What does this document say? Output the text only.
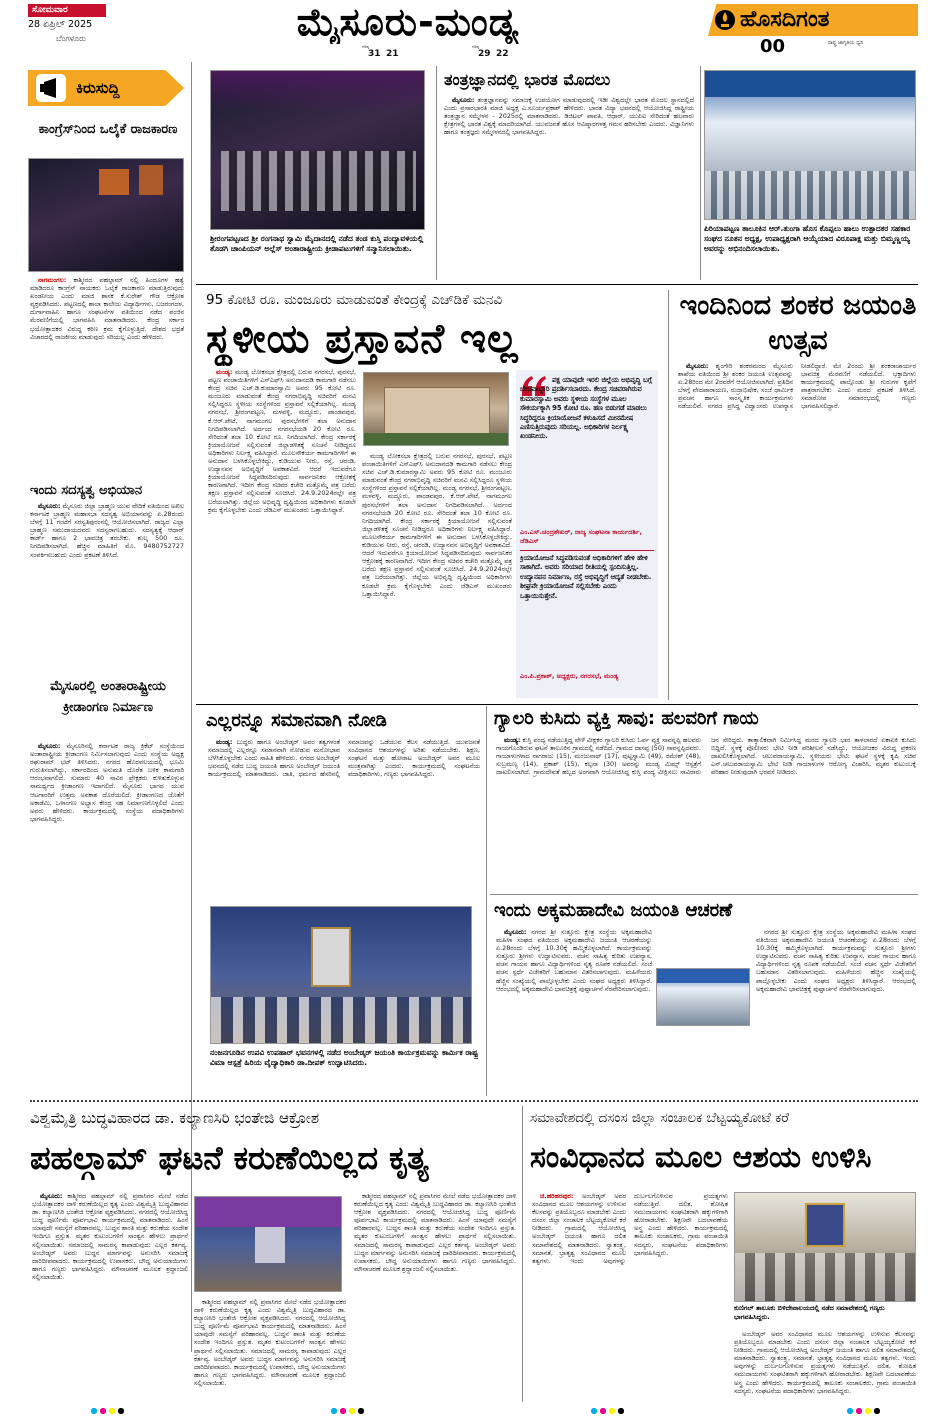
ಸೋಮವಾರ
28 ಏಪ್ರಿಲ್ 2025
ಬೆಂಗಳೂರು	ಮೈಸೂರು-ಮಂಡ್ಯ
ಗರಿಷ್ಠ
31 21
ಗರಿಷ್ಠ
29 22
ಹೊಸದಿಗಂತ
00	ರಾಷ್ಟ್ರ ಜಾಗೃತಿಯ ಧ್ವನಿ
ಕಿರುಸುದ್ದಿ
ಕಾಂಗ್ರೆಸ್‌ನಿಂದ ಒಲೈಕೆ ರಾಜಕಾರಣ

ನಾಗಮಂಗಲ: ಕಾಶ್ಮೀರದ ಪಹಲ್ಗಾಮ್ ನಲ್ಲಿ ಹಿಂದೂಗಳ ಹತ್ಯೆ ಮಾಡಿದರೂ ಕಾಂಗ್ರೆಸ್ ನಾಯಕರು ಒಲೈಕೆ ರಾಜಕಾರಣ ಮಾಡುತ್ತಿರುವುದು ಖಂಡನೀಯ ಎಂದು ಮಾಜಿ ಶಾಸಕ ಕೆ.ಸುರೇಶ್ ಗೌಡ ಆಕ್ರೋಶ ವ್ಯಕ್ತಪಡಿಸಿದರು. ಪಟ್ಟಣದಲ್ಲಿ ಶಾಲಾ ಕಾಲೇಜು ವಿದ್ಯಾರ್ಥಿಗಳು, ಬಜರಂಗದಳ, ದುರ್ಗಾವಾಹಿನಿ ಹಾಗೂ ಸಂಘಟನೆಗಳ ವತಿಯಿಂದ ನಡೆದ ಪಂಜಿನ ಮೆರವಣಿಗೆಯಲ್ಲಿ ಭಾಗವಹಿಸಿ ಮಾತನಾಡಿದರು. ಕೇಂದ್ರ ಸರ್ಕಾರ ಭಯೋತ್ಪಾದಕರ ವಿರುದ್ಧ ಕಠಿಣ ಕ್ರಮ ಕೈಗೊಳ್ಳುತ್ತಿದೆ. ದೇಶದ ಭದ್ರತೆ ವಿಚಾರದಲ್ಲಿ ರಾಜಕೀಯ ಮಾಡುವುದು ಸರಿಯಲ್ಲ ಎಂದು ಹೇಳಿದರು.

ಇಂದು ಸದಸ್ಯತ್ವ ಅಭಿಯಾನ

ಮೈಸೂರು: ಮೈಸೂರು ಜಿಲ್ಲಾ ಬ್ರಾಹ್ಮಣ ಯುವ ವೇದಿಕೆ ವತಿಯಿಂದ ಅಖಿಲ ಕರ್ನಾಟಕ ಬ್ರಾಹ್ಮಣ ಮಹಾಸಭಾ ಸದಸ್ಯತ್ವ ಅಭಿಯಾನವನ್ನು ಏ.28ರಂದು ಬೆಳಗ್ಗೆ 11 ಗಂಟೆಗೆ ಸರಸ್ವತಿಪುರಂನಲ್ಲಿ ಆಯೋಜಿಸಲಾಗಿದೆ. ರಾಜ್ಯದ ಎಲ್ಲಾ ಬ್ರಾಹ್ಮಣ ಸಮುದಾಯದವರು ಸದಸ್ಯರಾಗಬಹುದು. ಸದಸ್ಯತ್ವಕ್ಕೆ ಆಧಾರ್ ಕಾರ್ಡ್ ಹಾಗೂ 2 ಭಾವಚಿತ್ರ ತರಬೇಕು. ಶುಲ್ಕ 500 ರೂ. ನಿಗದಿಪಡಿಸಲಾಗಿದೆ. ಹೆಚ್ಚಿನ ಮಾಹಿತಿಗೆ ಮೊ. 9480752727 ಸಂಪರ್ಕಿಸಬಹುದು ಎಂದು ಪ್ರಕಟಣೆ ತಿಳಿಸಿದೆ.

ಮೈಸೂರಲ್ಲಿ ಅಂತಾರಾಷ್ಟ್ರೀಯ ಕ್ರೀಡಾಂಗಣ ನಿರ್ಮಾಣ

ಮೈಸೂರು: ಮೈಸೂರಿನಲ್ಲಿ ಕರ್ನಾಟಕ ರಾಜ್ಯ ಕ್ರಿಕೆಟ್ ಸಂಸ್ಥೆಯಿಂದ ಅಂತಾರಾಷ್ಟ್ರೀಯ ಕ್ರೀಡಾಂಗಣ ನಿರ್ಮಿಸಲಾಗುವುದು ಎಂದು ಸಂಸ್ಥೆಯ ಅಧ್ಯಕ್ಷ ರಘುರಾಮ್ ಭಟ್ ತಿಳಿಸಿದರು. ನಗರದ ಹೊರವಲಯದಲ್ಲಿ ಭೂಮಿ ಗುರುತಿಸಲಾಗಿದ್ದು, ಸರ್ಕಾರದಿಂದ ಅನುಮತಿ ದೊರೆತ ಬಳಿಕ ಕಾಮಗಾರಿ ಆರಂಭವಾಗಲಿದೆ. ಸುಮಾರು 40 ಸಾವಿರ ಪ್ರೇಕ್ಷಕರು ಕುಳಿತುಕೊಳ್ಳುವ ಸಾಮರ್ಥ್ಯದ ಕ್ರೀಡಾಂಗಣ ಇದಾಗಲಿದೆ. ಮೈಸೂರು ಭಾಗದ ಯುವ ಆಟಗಾರರಿಗೆ ಉತ್ತಮ ಅವಕಾಶ ದೊರೆಯಲಿದೆ. ಕ್ರೀಡಾಂಗಣದ ಜೊತೆಗೆ ಅಕಾಡೆಮಿ, ಒಳಾಂಗಣ ಅಭ್ಯಾಸ ಕೇಂದ್ರ ಸಹ ನಿರ್ಮಾಣಗೊಳ್ಳಲಿದೆ ಎಂದು ಅವರು ಹೇಳಿದರು. ಕಾರ್ಯಕ್ರಮದಲ್ಲಿ ಸಂಸ್ಥೆಯ ಪದಾಧಿಕಾರಿಗಳು ಭಾಗವಹಿಸಿದ್ದರು.

ಶ್ರೀರಂಗಪಟ್ಟಣದ ಶ್ರೀ ರಂಗನಾಥ ಸ್ವಾಮಿ ಮೈದಾನದಲ್ಲಿ ನಡೆದ ತಂಡ ಕುಸ್ತಿ ಪಂದ್ಯಾವಳಿಯಲ್ಲಿ ತೊಡಗಿ ಚಾಂಪಿಯನ್ ಅಲ್ಲೆಸ್ ಅಂತಾರಾಷ್ಟ್ರೀಯ ಕ್ರೀಡಾಪಟುಗಳಿಗೆ ಸನ್ಮಾನಿಸಲಾಯಿತು.
ತಂತ್ರಜ್ಞಾನದಲ್ಲಿ ಭಾರತ ಮೊದಲು

ಮೈಸೂರು: ತಂತ್ರಜ್ಞಾನವನ್ನು ಸಮಾಜಕ್ಕೆ ಉಪಯೋಗ ಮಾಡುವುದರಲ್ಲಿ ಇಡೀ ವಿಶ್ವದಲ್ಲೇ ಭಾರತ ಮೊದಲ ಸ್ಥಾನದಲ್ಲಿದೆ ಎಂದು ಪ್ರಸಾರಭಾರತಿ ಮಾಜಿ ಅಧ್ಯಕ್ಷ ಎ.ಸೂರ್ಯಪ್ರಕಾಶ್ ಹೇಳಿದರು. ಭಾರತ ವಿದ್ಯಾ ಭವನದಲ್ಲಿ ಆಯೋಜಿಸಿದ್ದ ರಾಷ್ಟ್ರೀಯ ತಂತ್ರಜ್ಞಾನ ಸಮ್ಮೇಳನ - 2025ರಲ್ಲಿ ಮಾತನಾಡಿದರು. ಡಿಜಿಟಲ್ ಪಾವತಿ, ಆಧಾರ್, ಯುಪಿಐ ಸೇರಿದಂತೆ ಹಲವಾರು ಕ್ಷೇತ್ರಗಳಲ್ಲಿ ಭಾರತ ವಿಶ್ವಕ್ಕೆ ಮಾದರಿಯಾಗಿದೆ. ಯುವಜನತೆ ಹೊಸ ಆವಿಷ್ಕಾರಗಳತ್ತ ಗಮನ ಹರಿಸಬೇಕು ಎಂದರು. ವಿಜ್ಞಾನಿಗಳು ಹಾಗೂ ತಂತ್ರಜ್ಞರು ಸಮ್ಮೇಳನದಲ್ಲಿ ಭಾಗವಹಿಸಿದ್ದರು.

ಪಿರಿಯಾಪಟ್ಟಣ ತಾಲೂಕಿನ ಆರ್.ತುಂಗಾ ಹೊಸ ಕೊಪ್ಪಲು ಹಾಲು ಉತ್ಪಾದಕರ ಸಹಕಾರ ಸಂಘದ ನೂತನ ಅಧ್ಯಕ್ಷ, ಉಪಾಧ್ಯಕ್ಷರಾಗಿ ಆಯ್ಕೆಯಾದ ವಿರೂಪಾಕ್ಷ ಮತ್ತು ಬಿಮ್ಮಣ್ಣಯ್ಯ ಅವರನ್ನು ಅಭಿನಂದಿಸಲಾಯಿತು.
95 ಕೋಟಿ ರೂ. ಮಂಜೂರು ಮಾಡುವಂತೆ ಕೇಂದ್ರಕ್ಕೆ ಎಚ್‌ಡಿಕೆ ಮನವಿ
ಸ್ಥಳೀಯ ಪ್ರಸ್ತಾವನೆ ಇಲ್ಲ

ಮಂಡ್ಯ: ಮಂಡ್ಯ ಲೋಕಸಭಾ ಕ್ಷೇತ್ರದಲ್ಲಿ ಬರುವ ನಗರಸಭೆ, ಪುರಸಭೆ, ಪಟ್ಟಣ ಪಂಚಾಯಿತಿಗಳಿಗೆ ಎಸ್‌ಎಫ್‌ಸಿ ಅನುದಾನದಡಿ ಕಾಮಗಾರಿ ನಡೆಸಲು ಕೇಂದ್ರ ಸಚಿವ ಎಚ್.ಡಿ.ಕುಮಾರಸ್ವಾಮಿ ಅವರು 95 ಕೋಟಿ ರೂ. ಮಂಜೂರು ಮಾಡುವಂತೆ ಕೇಂದ್ರ ನಗರಾಭಿವೃದ್ಧಿ ಸಚಿವರಿಗೆ ಮನವಿ ಸಲ್ಲಿಸಿದ್ದರೂ ಸ್ಥಳೀಯ ಸಂಸ್ಥೆಗಳಿಂದ ಪ್ರಸ್ತಾವನೆ ಸಲ್ಲಿಕೆಯಾಗಿಲ್ಲ. ಮಂಡ್ಯ ನಗರಸಭೆ, ಶ್ರೀರಂಗಪಟ್ಟಣ, ಮಳವಳ್ಳಿ, ಮದ್ದೂರು, ಪಾಂಡವಪುರ, ಕೆ.ಆರ್.ಪೇಟೆ, ನಾಗಮಂಗಲ ಪುರಸಭೆಗಳಿಗೆ ತಲಾ ಅನುದಾನ ನಿಗದಿಪಡಿಸಲಾಗಿದೆ. ಅರ್ದಂದ ನಗರಸಭೆಯಡಿ 20 ಕೋಟಿ ರೂ. ಸೇರಿದಂತೆ ತಲಾ 10 ಕೋಟಿ ರೂ. ನಿಗದಿಯಾಗಿದೆ. ಕೇಂದ್ರ ಸರ್ಕಾರಕ್ಕೆ ಕ್ರಿಯಾಯೋಜನೆ ಸಲ್ಲಿಸುವಂತೆ ಜಿಲ್ಲಾಡಳಿತಕ್ಕೆ ಸೂಚನೆ ನೀಡಿದ್ದರೂ ಅಧಿಕಾರಿಗಳು ನಿರ್ಲಕ್ಷ್ಯ ವಹಿಸಿದ್ದಾರೆ. ಮೂಲಸೌಕರ್ಯ ಕಾಮಗಾರಿಗಳಿಗೆ ಈ ಅನುದಾನ ಬಳಸಿಕೊಳ್ಳಬೇಕಿದ್ದು, ಕುಡಿಯುವ ನೀರು, ರಸ್ತೆ, ಚರಂಡಿ, ಉದ್ಯಾನವನ ಅಭಿವೃದ್ಧಿಗೆ ಅವಕಾಶವಿದೆ. ಆದರೆ ಇದುವರೆಗೂ ಕ್ರಿಯಾಯೋಜನೆ ಸಿದ್ಧಪಡಿಸದಿರುವುದು ಸಾರ್ವಜನಿಕರ ಆಕ್ರೋಶಕ್ಕೆ ಕಾರಣವಾಗಿದೆ. ಇದೀಗ ಕೇಂದ್ರ ಸಚಿವರ ಕಚೇರಿ ಮತ್ತೊಮ್ಮೆ ಪತ್ರ ಬರೆದು ತಕ್ಷಣ ಪ್ರಸ್ತಾವನೆ ಸಲ್ಲಿಸುವಂತೆ ಸೂಚಿಸಿದೆ. 24.9.2024ರಲ್ಲೇ ಪತ್ರ ಬರೆಯಲಾಗಿತ್ತು. ಜಿಲ್ಲೆಯ ಅಭಿವೃದ್ಧಿ ದೃಷ್ಟಿಯಿಂದ ಅಧಿಕಾರಿಗಳು ಕೂಡಲೇ ಕ್ರಮ ಕೈಗೊಳ್ಳಬೇಕು ಎಂದು ಜೆಡಿಎಸ್ ಮುಖಂಡರು ಒತ್ತಾಯಿಸಿದ್ದಾರೆ.

ಮಂಡ್ಯ ಲೋಕಸಭಾ ಕ್ಷೇತ್ರದಲ್ಲಿ ಬರುವ ನಗರಸಭೆ, ಪುರಸಭೆ, ಪಟ್ಟಣ ಪಂಚಾಯಿತಿಗಳಿಗೆ ಎಸ್‌ಎಫ್‌ಸಿ ಅನುದಾನದಡಿ ಕಾಮಗಾರಿ ನಡೆಸಲು ಕೇಂದ್ರ ಸಚಿವ ಎಚ್.ಡಿ.ಕುಮಾರಸ್ವಾಮಿ ಅವರು 95 ಕೋಟಿ ರೂ. ಮಂಜೂರು ಮಾಡುವಂತೆ ಕೇಂದ್ರ ನಗರಾಭಿವೃದ್ಧಿ ಸಚಿವರಿಗೆ ಮನವಿ ಸಲ್ಲಿಸಿದ್ದರೂ ಸ್ಥಳೀಯ ಸಂಸ್ಥೆಗಳಿಂದ ಪ್ರಸ್ತಾವನೆ ಸಲ್ಲಿಕೆಯಾಗಿಲ್ಲ. ಮಂಡ್ಯ ನಗರಸಭೆ, ಶ್ರೀರಂಗಪಟ್ಟಣ, ಮಳವಳ್ಳಿ, ಮದ್ದೂರು, ಪಾಂಡವಪುರ, ಕೆ.ಆರ್.ಪೇಟೆ, ನಾಗಮಂಗಲ ಪುರಸಭೆಗಳಿಗೆ ತಲಾ ಅನುದಾನ ನಿಗದಿಪಡಿಸಲಾಗಿದೆ. ಅರ್ದಂದ ನಗರಸಭೆಯಡಿ 20 ಕೋಟಿ ರೂ. ಸೇರಿದಂತೆ ತಲಾ 10 ಕೋಟಿ ರೂ. ನಿಗದಿಯಾಗಿದೆ. ಕೇಂದ್ರ ಸರ್ಕಾರಕ್ಕೆ ಕ್ರಿಯಾಯೋಜನೆ ಸಲ್ಲಿಸುವಂತೆ ಜಿಲ್ಲಾಡಳಿತಕ್ಕೆ ಸೂಚನೆ ನೀಡಿದ್ದರೂ ಅಧಿಕಾರಿಗಳು ನಿರ್ಲಕ್ಷ್ಯ ವಹಿಸಿದ್ದಾರೆ. ಮೂಲಸೌಕರ್ಯ ಕಾಮಗಾರಿಗಳಿಗೆ ಈ ಅನುದಾನ ಬಳಸಿಕೊಳ್ಳಬೇಕಿದ್ದು, ಕುಡಿಯುವ ನೀರು, ರಸ್ತೆ, ಚರಂಡಿ, ಉದ್ಯಾನವನ ಅಭಿವೃದ್ಧಿಗೆ ಅವಕಾಶವಿದೆ. ಆದರೆ ಇದುವರೆಗೂ ಕ್ರಿಯಾಯೋಜನೆ ಸಿದ್ಧಪಡಿಸದಿರುವುದು ಸಾರ್ವಜನಿಕರ ಆಕ್ರೋಶಕ್ಕೆ ಕಾರಣವಾಗಿದೆ. ಇದೀಗ ಕೇಂದ್ರ ಸಚಿವರ ಕಚೇರಿ ಮತ್ತೊಮ್ಮೆ ಪತ್ರ ಬರೆದು ತಕ್ಷಣ ಪ್ರಸ್ತಾವನೆ ಸಲ್ಲಿಸುವಂತೆ ಸೂಚಿಸಿದೆ. 24.9.2024ರಲ್ಲೇ ಪತ್ರ ಬರೆಯಲಾಗಿತ್ತು. ಜಿಲ್ಲೆಯ ಅಭಿವೃದ್ಧಿ ದೃಷ್ಟಿಯಿಂದ ಅಧಿಕಾರಿಗಳು ಕೂಡಲೇ ಕ್ರಮ ಕೈಗೊಳ್ಳಬೇಕು ಎಂದು ಜೆಡಿಎಸ್ ಮುಖಂಡರು ಒತ್ತಾಯಿಸಿದ್ದಾರೆ.

ಪಕ್ಷ ಯಾವುದೇ ಇರಲಿ ಜಿಲ್ಲೆಯ ಅಭಿವೃದ್ಧಿ ಬಗ್ಗೆ ಬೇಜವಾಬ್ದಾರಿ ಪ್ರದರ್ಶಿಸಬಾರದು. ಕೇಂದ್ರ ಸಚಿವರಾಗಿರುವ ಕುಮಾರಸ್ವಾಮಿ ಅವರು ಸ್ಥಳೀಯ ಸಂಸ್ಥೆಗಳ ಮೂಲ ಸೌಕರ್ಯಕ್ಕಾಗಿ 95 ಕೋಟಿ ರೂ. ಹಣ ಬಿಡುಗಡೆ ಮಾಡಲು ಸಿದ್ಧರಿದ್ದರೂ ಕ್ರಿಯಾಯೋಜನೆ ಕಳುಹಿಸದೆ ಮೀನಮೇಷ ಎಣಿಸುತ್ತಿರುವುದು ಸರಿಯಲ್ಲ. ಅಧಿಕಾರಿಗಳ ನಿರ್ಲಕ್ಷ್ಯ ಖಂಡನೀಯ.
ಎಂ.ಎಸ್.ಚಂದ್ರಶೇಖರ್, ರಾಜ್ಯ ಸಂಘಟನಾ ಕಾರ್ಯದರ್ಶಿ, ಜೆಡಿಎಸ್
ಕ್ರಿಯಾಯೋಜನೆ ಸಿದ್ಧಪಡಿಸುವಂತೆ ಅಧಿಕಾರಿಗಳಿಗೆ ಹೇಳಿ ಹೇಳಿ ಸಾಕಾಗಿದೆ. ಅವರು ಸರಿಯಾದ ರೀತಿಯಲ್ಲಿ ಸ್ಪಂದಿಸುತ್ತಿಲ್ಲ. ಉದ್ಯಾನವನ ನಿರ್ಮಾಣ, ರಸ್ತೆ ಅಭಿವೃದ್ಧಿಗೆ ಆದ್ಯತೆ ನೀಡಬೇಕು. ಶೀಘ್ರವೇ ಕ್ರಿಯಾಯೋಜನೆ ಸಲ್ಲಿಸಬೇಕು ಎಂದು ಒತ್ತಾಯಿಸುತ್ತೇನೆ.
ಎಂ.ಪಿ.ಪ್ರಕಾಶ್, ಅಧ್ಯಕ್ಷರು, ನಗರಸಭೆ, ಮಂಡ್ಯ
ಇಂದಿನಿಂದ ಶಂಕರ ಜಯಂತಿ ಉತ್ಸವ

ಮೈಸೂರು: ಶೃಂಗೇರಿ ಶಂಕರಮಠದ ಮೈಸೂರು ಶಾಖೆಯ ವತಿಯಿಂದ ಶ್ರೀ ಶಂಕರ ಜಯಂತಿ ಉತ್ಸವವನ್ನು ಏ.28ರಿಂದ ಮೇ 2ರವರೆಗೆ ಆಯೋಜಿಸಲಾಗಿದೆ. ಪ್ರತಿದಿನ ಬೆಳಗ್ಗೆ ವೇದಪಾರಾಯಣ, ರುದ್ರಾಭಿಷೇಕ, ಸಂಜೆ ಧಾರ್ಮಿಕ ಪ್ರವಚನ ಹಾಗೂ ಸಾಂಸ್ಕೃತಿಕ ಕಾರ್ಯಕ್ರಮಗಳು ನಡೆಯಲಿವೆ. ನಗರದ ಪ್ರಸಿದ್ಧ ವಿದ್ವಾಂಸರು ಉಪನ್ಯಾಸ ನೀಡಲಿದ್ದಾರೆ. ಮೇ 2ರಂದು ಶ್ರೀ ಶಂಕರಾಚಾರ್ಯರ ಭಾವಚಿತ್ರ ಮೆರವಣಿಗೆ ನಡೆಯಲಿದೆ. ಭಕ್ತಾದಿಗಳು ಕಾರ್ಯಕ್ರಮದಲ್ಲಿ ಪಾಲ್ಗೊಂಡು ಶ್ರೀ ಗುರುಗಳ ಕೃಪೆಗೆ ಪಾತ್ರರಾಗಬೇಕು ಎಂದು ಮಠದ ಪ್ರಕಟಣೆ ತಿಳಿಸಿದೆ. ಸಮಾರೋಪ ಸಮಾರಂಭದಲ್ಲಿ ಗಣ್ಯರು ಭಾಗವಹಿಸಲಿದ್ದಾರೆ.

ಎಲ್ಲರನ್ನೂ ಸಮಾನವಾಗಿ ನೋಡಿ

ಮಂಡ್ಯ: ಬುದ್ಧರು ಹಾಗೂ ಅಂಬೇಡ್ಕರ್ ಅವರ ತತ್ವಗಳಂತೆ ಸಮಾಜದಲ್ಲಿ ಎಲ್ಲರನ್ನೂ ಸಮಾನವಾಗಿ ನೋಡುವ ಮನೋಭಾವ ಬೆಳೆಸಿಕೊಳ್ಳಬೇಕು ಎಂದು ಸಾಹಿತಿ ಹೇಳಿದರು. ನಗರದ ಅಂಬೇಡ್ಕರ್ ಭವನದಲ್ಲಿ ನಡೆದ ಬುದ್ಧ ಜಯಂತಿ ಹಾಗೂ ಅಂಬೇಡ್ಕರ್ ಜಯಂತಿ ಕಾರ್ಯಕ್ರಮದಲ್ಲಿ ಮಾತನಾಡಿದರು. ಜಾತಿ, ಧರ್ಮದ ಹೆಸರಿನಲ್ಲಿ ಸಮಾಜವನ್ನು ಒಡೆಯುವ ಕೆಲಸ ನಡೆಯುತ್ತಿದೆ. ಯುವಜನತೆ ಸಂವಿಧಾನದ ಆಶಯಗಳನ್ನು ಅರಿತು ನಡೆಯಬೇಕು. ಶಿಕ್ಷಣ, ಸಂಘಟನೆ ಮತ್ತು ಹೋರಾಟ ಅಂಬೇಡ್ಕರ್ ಅವರ ಮೂಲ ಮಂತ್ರವಾಗಿತ್ತು ಎಂದರು. ಕಾರ್ಯಕ್ರಮದಲ್ಲಿ ಸಂಘಟನೆಯ ಪದಾಧಿಕಾರಿಗಳು, ಗಣ್ಯರು ಭಾಗವಹಿಸಿದ್ದರು.

ನಂಜನಗೂಡಿನ ಉಪವಿ ಉಪಹಾರ್ ಭವನಗಳಲ್ಲಿ ನಡೆದ ಅಂಬೇಡ್ಕರ್ ಜಯಂತಿ ಕಾರ್ಯಕ್ರಮವನ್ನು ಕಾರ್ಮಿಕ ರಾಷ್ಟ್ರ ವಿಮಾ ಆಸ್ಪತ್ರೆ ಹಿರಿಯ ವೈದ್ಯಾಧಿಕಾರಿ ಡಾ.ದೀಪಕ್ ಉದ್ಘಾಟಿಸಿದರು.
ಗ್ಯಾಲರಿ ಕುಸಿದು ವ್ಯಕ್ತಿ ಸಾವು: ಹಲವರಿಗೆ ಗಾಯ

ಮಂಡ್ಯ: ಕುಸ್ತಿ ಪಂದ್ಯ ನಡೆಯುತ್ತಿದ್ದ ವೇಳೆ ವೀಕ್ಷಕರ ಗ್ಯಾಲರಿ ಕುಸಿದು ಓರ್ವ ವ್ಯಕ್ತಿ ಸಾವನ್ನಪ್ಪಿ ಹಲವರು ಗಾಯಗೊಂಡಿರುವ ಘಟನೆ ತಾಲೂಕಿನ ಗ್ರಾಮದಲ್ಲಿ ನಡೆದಿದೆ. ಗ್ರಾಮದ ದಾಸಪ್ಪ (50) ಸಾವನ್ನಪ್ಪಿದವರು. ಗಾಯಾಳುಗಳಾದ ನಾಗರಾಜು (15), ಮಂಜುನಾಥ್ (17), ಪುಟ್ಟಸ್ವಾಮಿ (49), ರಮೇಶ್ (48), ಸುಬ್ರಮಣ್ಯ (14), ಪ್ರಕಾಶ್ (15), ಕಲ್ಪನಾ (30) ಅವರನ್ನು ಮಂಡ್ಯ ಮಿಮ್ಸ್ ಆಸ್ಪತ್ರೆಗೆ ದಾಖಲಿಸಲಾಗಿದೆ. ಗ್ರಾಮದೇವತೆ ಹಬ್ಬದ ಅಂಗವಾಗಿ ಆಯೋಜಿಸಿದ್ದ ಕುಸ್ತಿ ಪಂದ್ಯ ವೀಕ್ಷಿಸಲು ಸಾವಿರಾರು ಜನ ಸೇರಿದ್ದರು. ತಾತ್ಕಾಲಿಕವಾಗಿ ನಿರ್ಮಿಸಿದ್ದ ಮರದ ಗ್ಯಾಲರಿ ಭಾರ ತಾಳಲಾರದೆ ಏಕಾಏಕಿ ಕುಸಿದು ಬಿದ್ದಿದೆ. ಸ್ಥಳಕ್ಕೆ ಪೊಲೀಸರು ಭೇಟಿ ನೀಡಿ ಪರಿಶೀಲನೆ ನಡೆಸಿದ್ದು, ಆಯೋಜಕರ ವಿರುದ್ಧ ಪ್ರಕರಣ ದಾಖಲಿಸಿಕೊಳ್ಳಲಾಗಿದೆ. ಚಲುವರಾಯಸ್ವಾಮಿ, ಸ್ಥಳೀಯರು ಭೇಟಿ: ಘಟನೆ ಸ್ಥಳಕ್ಕೆ ಕೃಷಿ ಸಚಿವ ಎನ್.ಚಲುವರಾಯಸ್ವಾಮಿ ಭೇಟಿ ನೀಡಿ ಗಾಯಾಳುಗಳ ಆರೋಗ್ಯ ವಿಚಾರಿಸಿ, ಮೃತರ ಕುಟುಂಬಕ್ಕೆ ಪರಿಹಾರ ನೀಡುವುದಾಗಿ ಭರವಸೆ ನೀಡಿದರು.

ಇಂದು ಅಕ್ಕಮಹಾದೇವಿ ಜಯಂತಿ ಆಚರಣೆ

ಮೈಸೂರು: ನಗರದ ಶ್ರೀ ಸುತ್ತೂರು ಕ್ಷೇತ್ರ ಸಂಸ್ಥೆಯ ಅಕ್ಕಮಹಾದೇವಿ ಮಹಿಳಾ ಸಂಘದ ವತಿಯಿಂದ ಅಕ್ಕಮಹಾದೇವಿ ಜಯಂತಿ ಆಚರಣೆಯನ್ನು ಏ.28ರಂದು ಬೆಳಗ್ಗೆ 10.30ಕ್ಕೆ ಹಮ್ಮಿಕೊಳ್ಳಲಾಗಿದೆ. ಕಾರ್ಯಕ್ರಮವನ್ನು ಸುತ್ತೂರು ಶ್ರೀಗಳು ಉದ್ಘಾಟಿಸುವರು. ವಚನ ಸಾಹಿತ್ಯ ಕುರಿತು ಉಪನ್ಯಾಸ, ವಚನ ಗಾಯನ ಹಾಗೂ ವಿದ್ಯಾರ್ಥಿಗಳಿಂದ ನೃತ್ಯ ರೂಪಕ ನಡೆಯಲಿದೆ. ಸಂಜೆ ವಚನ ಸ್ಪರ್ಧೆ ವಿಜೇತರಿಗೆ ಬಹುಮಾನ ವಿತರಿಸಲಾಗುವುದು. ಮಹಿಳೆಯರು ಹೆಚ್ಚಿನ ಸಂಖ್ಯೆಯಲ್ಲಿ ಪಾಲ್ಗೊಳ್ಳಬೇಕು ಎಂದು ಸಂಘದ ಅಧ್ಯಕ್ಷರು ತಿಳಿಸಿದ್ದಾರೆ. ಆರಂಭದಲ್ಲಿ ಅಕ್ಕಮಹಾದೇವಿ ಭಾವಚಿತ್ರಕ್ಕೆ ಪುಷ್ಪಾರ್ಚನೆ ನೆರವೇರಿಸಲಾಗುವುದು.

ನಗರದ ಶ್ರೀ ಸುತ್ತೂರು ಕ್ಷೇತ್ರ ಸಂಸ್ಥೆಯ ಅಕ್ಕಮಹಾದೇವಿ ಮಹಿಳಾ ಸಂಘದ ವತಿಯಿಂದ ಅಕ್ಕಮಹಾದೇವಿ ಜಯಂತಿ ಆಚರಣೆಯನ್ನು ಏ.28ರಂದು ಬೆಳಗ್ಗೆ 10.30ಕ್ಕೆ ಹಮ್ಮಿಕೊಳ್ಳಲಾಗಿದೆ. ಕಾರ್ಯಕ್ರಮವನ್ನು ಸುತ್ತೂರು ಶ್ರೀಗಳು ಉದ್ಘಾಟಿಸುವರು. ವಚನ ಸಾಹಿತ್ಯ ಕುರಿತು ಉಪನ್ಯಾಸ, ವಚನ ಗಾಯನ ಹಾಗೂ ವಿದ್ಯಾರ್ಥಿಗಳಿಂದ ನೃತ್ಯ ರೂಪಕ ನಡೆಯಲಿದೆ. ಸಂಜೆ ವಚನ ಸ್ಪರ್ಧೆ ವಿಜೇತರಿಗೆ ಬಹುಮಾನ ವಿತರಿಸಲಾಗುವುದು. ಮಹಿಳೆಯರು ಹೆಚ್ಚಿನ ಸಂಖ್ಯೆಯಲ್ಲಿ ಪಾಲ್ಗೊಳ್ಳಬೇಕು ಎಂದು ಸಂಘದ ಅಧ್ಯಕ್ಷರು ತಿಳಿಸಿದ್ದಾರೆ. ಆರಂಭದಲ್ಲಿ ಅಕ್ಕಮಹಾದೇವಿ ಭಾವಚಿತ್ರಕ್ಕೆ ಪುಷ್ಪಾರ್ಚನೆ ನೆರವೇರಿಸಲಾಗುವುದು.

ವಿಶ್ವಮೈತ್ರಿ ಬುದ್ಧವಿಹಾರದ ಡಾ. ಕಲ್ಯಾಣಸಿರಿ ಭಂತೇಜಿ ಆಕ್ರೋಶ
ಪಹಲ್ಗಾಮ್ ಘಟನೆ ಕರುಣೆಯಿಲ್ಲದ ಕೃತ್ಯ

ಮೈಸೂರು: ಕಾಶ್ಮೀರದ ಪಹಲ್ಗಾಮ್ ನಲ್ಲಿ ಪ್ರವಾಸಿಗರ ಮೇಲೆ ನಡೆದ ಭಯೋತ್ಪಾದಕರ ದಾಳಿ ಕರುಣೆಯಿಲ್ಲದ ಕೃತ್ಯ ಎಂದು ವಿಶ್ವಮೈತ್ರಿ ಬುದ್ಧವಿಹಾರದ ಡಾ. ಕಲ್ಯಾಣಸಿರಿ ಭಂತೇಜಿ ಆಕ್ರೋಶ ವ್ಯಕ್ತಪಡಿಸಿದರು. ನಗರದಲ್ಲಿ ಆಯೋಜಿಸಿದ್ದ ಬುದ್ಧ ಪೂರ್ಣಿಮೆ ಪೂರ್ವಭಾವಿ ಕಾರ್ಯಕ್ರಮದಲ್ಲಿ ಮಾತನಾಡಿದರು. ಹಿಂಸೆ ಯಾವುದೇ ಸಮಸ್ಯೆಗೆ ಪರಿಹಾರವಲ್ಲ. ಬುದ್ಧನ ಶಾಂತಿ ಮತ್ತು ಕರುಣೆಯ ಸಂದೇಶ ಇಂದಿಗೂ ಪ್ರಸ್ತುತ. ಮೃತರ ಕುಟುಂಬಗಳಿಗೆ ಸಾಂತ್ವನ ಹೇಳಲು ಪ್ರಾರ್ಥನೆ ಸಲ್ಲಿಸಲಾಯಿತು. ಸಮಾಜದಲ್ಲಿ ಸಾಮರಸ್ಯ ಕಾಪಾಡುವುದು ಎಲ್ಲರ ಕರ್ತವ್ಯ. ಅಂಬೇಡ್ಕರ್ ಅವರು ಬುದ್ಧನ ಮಾರ್ಗವನ್ನು ಅನುಸರಿಸಿ ಸಮಾಜಕ್ಕೆ ದಾರಿದೀಪವಾದರು. ಕಾರ್ಯಕ್ರಮದಲ್ಲಿ ಉಪಾಸಕರು, ಬೌದ್ಧ ಅನುಯಾಯಿಗಳು ಹಾಗೂ ಗಣ್ಯರು ಭಾಗವಹಿಸಿದ್ದರು. ಮೌನಾಚರಣೆ ಮೂಲಕ ಶ್ರದ್ಧಾಂಜಲಿ ಸಲ್ಲಿಸಲಾಯಿತು.

ಕಾಶ್ಮೀರದ ಪಹಲ್ಗಾಮ್ ನಲ್ಲಿ ಪ್ರವಾಸಿಗರ ಮೇಲೆ ನಡೆದ ಭಯೋತ್ಪಾದಕರ ದಾಳಿ ಕರುಣೆಯಿಲ್ಲದ ಕೃತ್ಯ ಎಂದು ವಿಶ್ವಮೈತ್ರಿ ಬುದ್ಧವಿಹಾರದ ಡಾ. ಕಲ್ಯಾಣಸಿರಿ ಭಂತೇಜಿ ಆಕ್ರೋಶ ವ್ಯಕ್ತಪಡಿಸಿದರು. ನಗರದಲ್ಲಿ ಆಯೋಜಿಸಿದ್ದ ಬುದ್ಧ ಪೂರ್ಣಿಮೆ ಪೂರ್ವಭಾವಿ ಕಾರ್ಯಕ್ರಮದಲ್ಲಿ ಮಾತನಾಡಿದರು. ಹಿಂಸೆ ಯಾವುದೇ ಸಮಸ್ಯೆಗೆ ಪರಿಹಾರವಲ್ಲ. ಬುದ್ಧನ ಶಾಂತಿ ಮತ್ತು ಕರುಣೆಯ ಸಂದೇಶ ಇಂದಿಗೂ ಪ್ರಸ್ತುತ. ಮೃತರ ಕುಟುಂಬಗಳಿಗೆ ಸಾಂತ್ವನ ಹೇಳಲು ಪ್ರಾರ್ಥನೆ ಸಲ್ಲಿಸಲಾಯಿತು. ಸಮಾಜದಲ್ಲಿ ಸಾಮರಸ್ಯ ಕಾಪಾಡುವುದು ಎಲ್ಲರ ಕರ್ತವ್ಯ. ಅಂಬೇಡ್ಕರ್ ಅವರು ಬುದ್ಧನ ಮಾರ್ಗವನ್ನು ಅನುಸರಿಸಿ ಸಮಾಜಕ್ಕೆ ದಾರಿದೀಪವಾದರು. ಕಾರ್ಯಕ್ರಮದಲ್ಲಿ ಉಪಾಸಕರು, ಬೌದ್ಧ ಅನುಯಾಯಿಗಳು ಹಾಗೂ ಗಣ್ಯರು ಭಾಗವಹಿಸಿದ್ದರು. ಮೌನಾಚರಣೆ ಮೂಲಕ ಶ್ರದ್ಧಾಂಜಲಿ ಸಲ್ಲಿಸಲಾಯಿತು.

ಕಾಶ್ಮೀರದ ಪಹಲ್ಗಾಮ್ ನಲ್ಲಿ ಪ್ರವಾಸಿಗರ ಮೇಲೆ ನಡೆದ ಭಯೋತ್ಪಾದಕರ ದಾಳಿ ಕರುಣೆಯಿಲ್ಲದ ಕೃತ್ಯ ಎಂದು ವಿಶ್ವಮೈತ್ರಿ ಬುದ್ಧವಿಹಾರದ ಡಾ. ಕಲ್ಯಾಣಸಿರಿ ಭಂತೇಜಿ ಆಕ್ರೋಶ ವ್ಯಕ್ತಪಡಿಸಿದರು. ನಗರದಲ್ಲಿ ಆಯೋಜಿಸಿದ್ದ ಬುದ್ಧ ಪೂರ್ಣಿಮೆ ಪೂರ್ವಭಾವಿ ಕಾರ್ಯಕ್ರಮದಲ್ಲಿ ಮಾತನಾಡಿದರು. ಹಿಂಸೆ ಯಾವುದೇ ಸಮಸ್ಯೆಗೆ ಪರಿಹಾರವಲ್ಲ. ಬುದ್ಧನ ಶಾಂತಿ ಮತ್ತು ಕರುಣೆಯ ಸಂದೇಶ ಇಂದಿಗೂ ಪ್ರಸ್ತುತ. ಮೃತರ ಕುಟುಂಬಗಳಿಗೆ ಸಾಂತ್ವನ ಹೇಳಲು ಪ್ರಾರ್ಥನೆ ಸಲ್ಲಿಸಲಾಯಿತು. ಸಮಾಜದಲ್ಲಿ ಸಾಮರಸ್ಯ ಕಾಪಾಡುವುದು ಎಲ್ಲರ ಕರ್ತವ್ಯ. ಅಂಬೇಡ್ಕರ್ ಅವರು ಬುದ್ಧನ ಮಾರ್ಗವನ್ನು ಅನುಸರಿಸಿ ಸಮಾಜಕ್ಕೆ ದಾರಿದೀಪವಾದರು. ಕಾರ್ಯಕ್ರಮದಲ್ಲಿ ಉಪಾಸಕರು, ಬೌದ್ಧ ಅನುಯಾಯಿಗಳು ಹಾಗೂ ಗಣ್ಯರು ಭಾಗವಹಿಸಿದ್ದರು. ಮೌನಾಚರಣೆ ಮೂಲಕ ಶ್ರದ್ಧಾಂಜಲಿ ಸಲ್ಲಿಸಲಾಯಿತು.

ಸಮಾವೇಶದಲ್ಲಿ ದಸಂಸ ಜಿಲ್ಲಾ ಸಂಚಾಲಕ ಬೆಟ್ಟಯ್ಯಕೋಟೆ ಕರೆ
ಸಂವಿಧಾನದ ಮೂಲ ಆಶಯ ಉಳಿಸಿ

ಚಿ.ಹರಿಹರಪುರ: ಅಂಬೇಡ್ಕರ್ ಅವರ ಸಂವಿಧಾನದ ಮೂಲ ಆಶಯಗಳನ್ನು ಉಳಿಸುವ ಕೆಲಸವನ್ನು ಪ್ರತಿಯೊಬ್ಬರೂ ಮಾಡಬೇಕು ಎಂದು ದಸಂಸ ಜಿಲ್ಲಾ ಸಂಚಾಲಕ ಬೆಟ್ಟಯ್ಯಕೋಟೆ ಕರೆ ನೀಡಿದರು. ಗ್ರಾಮದಲ್ಲಿ ಆಯೋಜಿಸಿದ್ದ ಅಂಬೇಡ್ಕರ್ ಜಯಂತಿ ಹಾಗೂ ದಲಿತ ಸಮಾವೇಶದಲ್ಲಿ ಮಾತನಾಡಿದರು. ಸ್ವಾತಂತ್ರ್ಯ, ಸಮಾನತೆ, ಭ್ರಾತೃತ್ವ ಸಂವಿಧಾನದ ಮೂಲ ತತ್ವಗಳು. ಇಂದು ಅವುಗಳನ್ನು ದುರ್ಬಲಗೊಳಿಸುವ ಪ್ರಯತ್ನಗಳು ನಡೆಯುತ್ತಿವೆ. ದಲಿತ, ಶೋಷಿತ ಸಮುದಾಯಗಳು ಸಂಘಟಿತರಾಗಿ ಹಕ್ಕುಗಳಿಗಾಗಿ ಹೋರಾಡಬೇಕು. ಶಿಕ್ಷಣವೇ ಬದಲಾವಣೆಯ ಅಸ್ತ್ರ ಎಂದು ಹೇಳಿದರು. ಕಾರ್ಯಕ್ರಮದಲ್ಲಿ ತಾಲೂಕು ಸಂಚಾಲಕರು, ಗ್ರಾಮ ಪಂಚಾಯಿತಿ ಸದಸ್ಯರು, ಸಂಘಟನೆಯ ಪದಾಧಿಕಾರಿಗಳು ಭಾಗವಹಿಸಿದ್ದರು.

ಕುಣಿಗಲ್ ತಾಲೂಕು ಬಿಳಿದೇವಾಲಯದಲ್ಲಿ ನಡೆದ ಸಮಾವೇಶದಲ್ಲಿ ಗಣ್ಯರು ಭಾಗವಹಿಸಿದ್ದರು.

ಅಂಬೇಡ್ಕರ್ ಅವರ ಸಂವಿಧಾನದ ಮೂಲ ಆಶಯಗಳನ್ನು ಉಳಿಸುವ ಕೆಲಸವನ್ನು ಪ್ರತಿಯೊಬ್ಬರೂ ಮಾಡಬೇಕು ಎಂದು ದಸಂಸ ಜಿಲ್ಲಾ ಸಂಚಾಲಕ ಬೆಟ್ಟಯ್ಯಕೋಟೆ ಕರೆ ನೀಡಿದರು. ಗ್ರಾಮದಲ್ಲಿ ಆಯೋಜಿಸಿದ್ದ ಅಂಬೇಡ್ಕರ್ ಜಯಂತಿ ಹಾಗೂ ದಲಿತ ಸಮಾವೇಶದಲ್ಲಿ ಮಾತನಾಡಿದರು. ಸ್ವಾತಂತ್ರ್ಯ, ಸಮಾನತೆ, ಭ್ರಾತೃತ್ವ ಸಂವಿಧಾನದ ಮೂಲ ತತ್ವಗಳು. ಇಂದು ಅವುಗಳನ್ನು ದುರ್ಬಲಗೊಳಿಸುವ ಪ್ರಯತ್ನಗಳು ನಡೆಯುತ್ತಿವೆ. ದಲಿತ, ಶೋಷಿತ ಸಮುದಾಯಗಳು ಸಂಘಟಿತರಾಗಿ ಹಕ್ಕುಗಳಿಗಾಗಿ ಹೋರಾಡಬೇಕು. ಶಿಕ್ಷಣವೇ ಬದಲಾವಣೆಯ ಅಸ್ತ್ರ ಎಂದು ಹೇಳಿದರು. ಕಾರ್ಯಕ್ರಮದಲ್ಲಿ ತಾಲೂಕು ಸಂಚಾಲಕರು, ಗ್ರಾಮ ಪಂಚಾಯಿತಿ ಸದಸ್ಯರು, ಸಂಘಟನೆಯ ಪದಾಧಿಕಾರಿಗಳು ಭಾಗವಹಿಸಿದ್ದರು.
